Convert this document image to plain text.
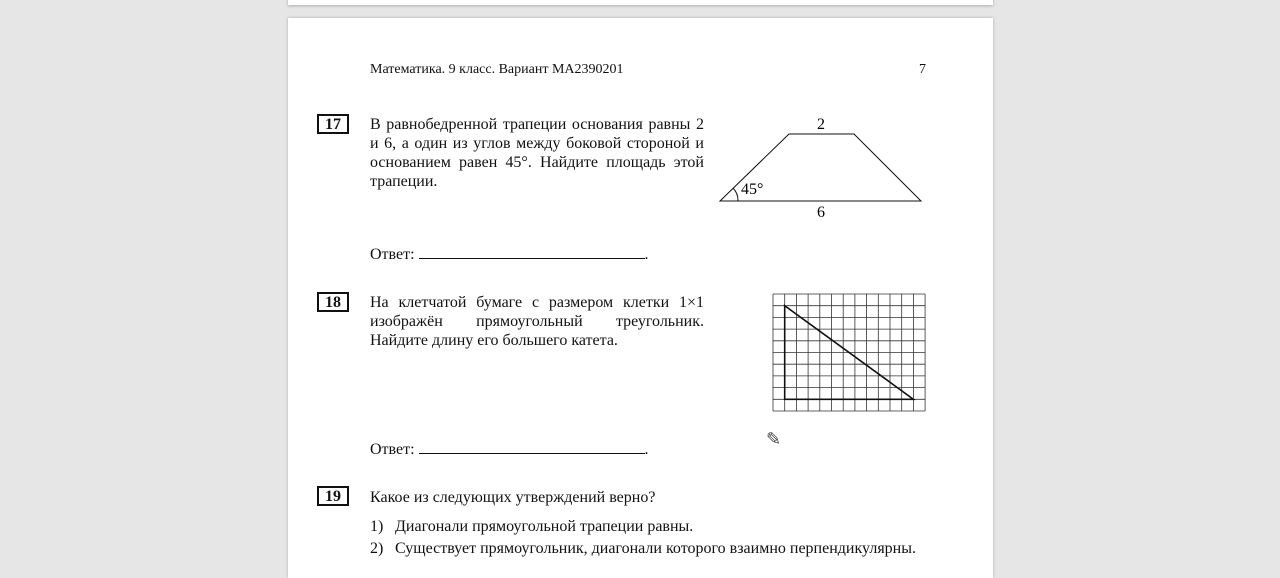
Математика. 9 класс. Вариант МА2390201	7
17	В равнобедренной трапеции основания равны 2 и 6, а один из углов между боковой стороной и основанием равен 45°. Найдите площадь этой трапеции.
2
6
45°
Ответ:	.
18	На клетчатой бумаге с размером клетки 1×1 изображён прямоугольный треугольник. Найдите длину его большего катета.
✎
Ответ:	.
19	Какое из следующих утверждений верно?
1) Диагонали прямоугольной трапеции равны.
2) Существует прямоугольник, диагонали которого взаимно перпендикулярны.
